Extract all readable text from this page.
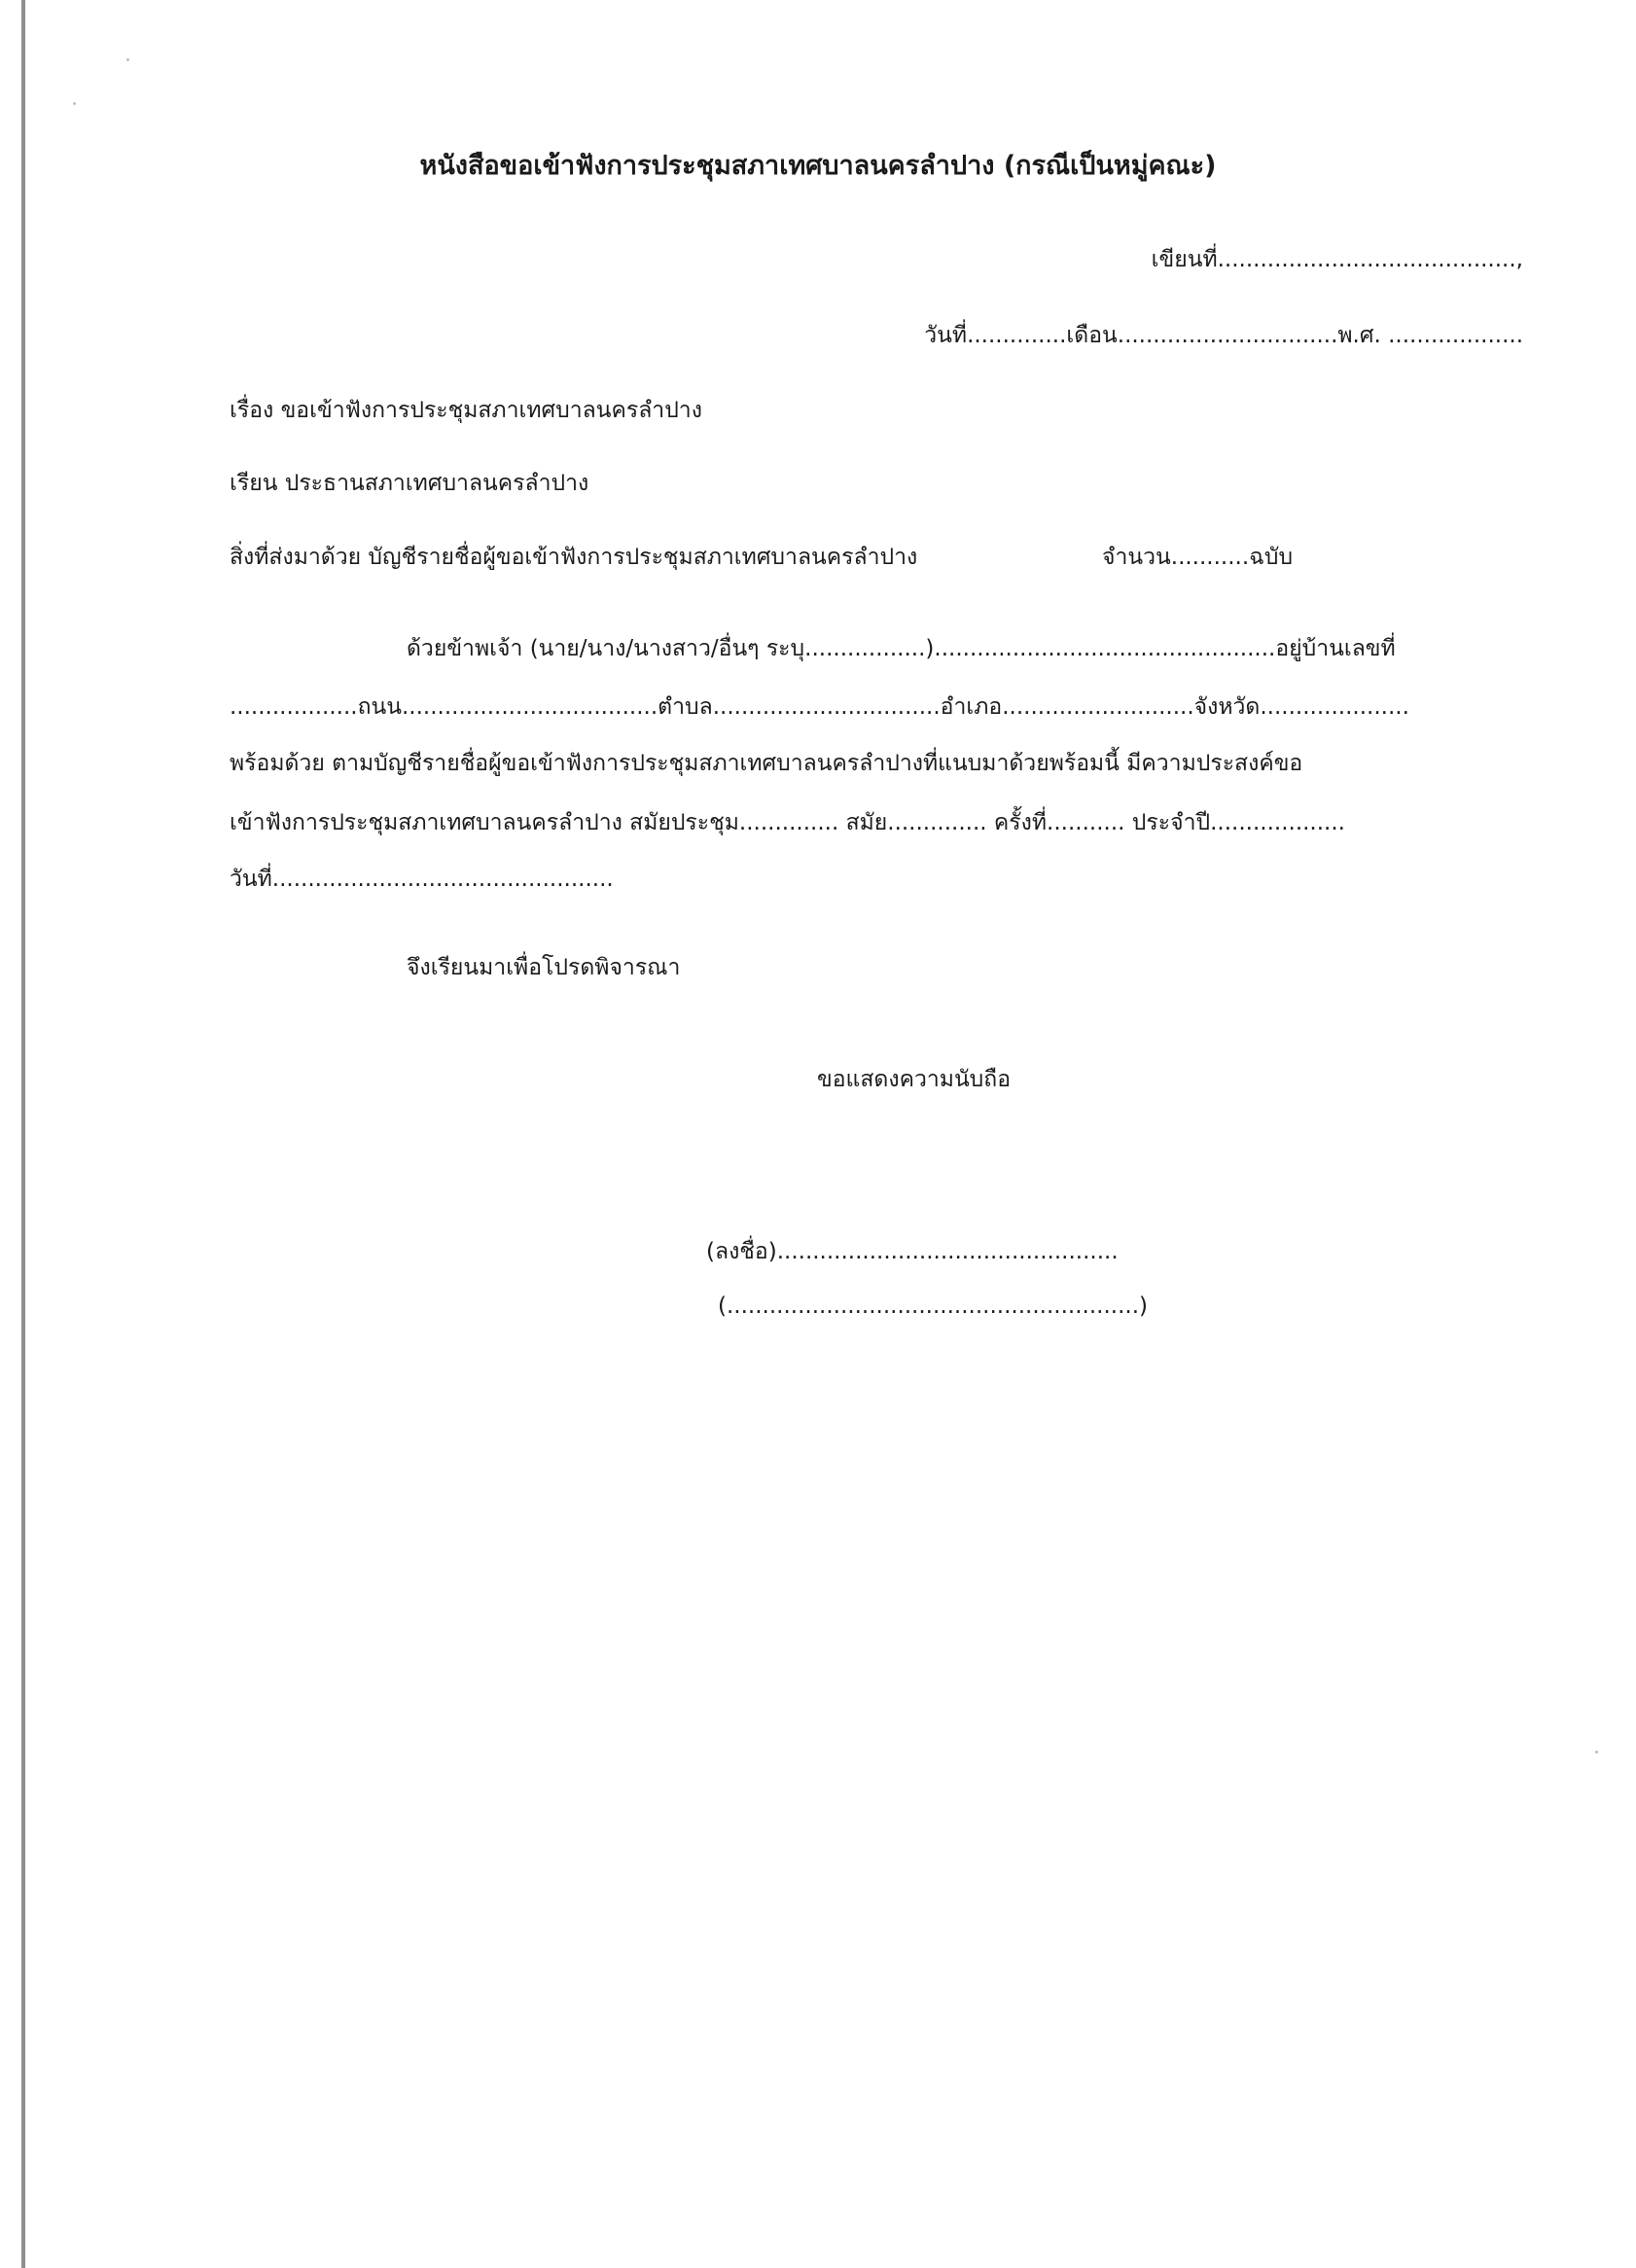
หนังสือขอเข้าฟังการประชุมสภาเทศบาลนครลำปาง (กรณีเป็นหมู่คณะ)
เขียนที่..........................................,
วันที่..............เดือน...............................พ.ศ. ...................
เรื่อง ขอเข้าฟังการประชุมสภาเทศบาลนครลำปาง
เรียน ประธานสภาเทศบาลนครลำปาง
สิ่งที่ส่งมาด้วย บัญชีรายชื่อผู้ขอเข้าฟังการประชุมสภาเทศบาลนครลำปาง	จำนวน...........ฉบับ
ด้วยข้าพเจ้า (นาย/นาง/นางสาว/อื่นๆ ระบุ.................)................................................อยู่บ้านเลขที่
..................ถนน....................................ตำบล................................อำเภอ...........................จังหวัด.....................
พร้อมด้วย ตามบัญชีรายชื่อผู้ขอเข้าฟังการประชุมสภาเทศบาลนครลำปางที่แนบมาด้วยพร้อมนี้ มีความประสงค์ขอ
เข้าฟังการประชุมสภาเทศบาลนครลำปาง สมัยประชุม.............. สมัย.............. ครั้งที่........... ประจำปี...................
วันที่................................................
จึงเรียนมาเพื่อโปรดพิจารณา
ขอแสดงความนับถือ
(ลงชื่อ)................................................
(..........................................................)
